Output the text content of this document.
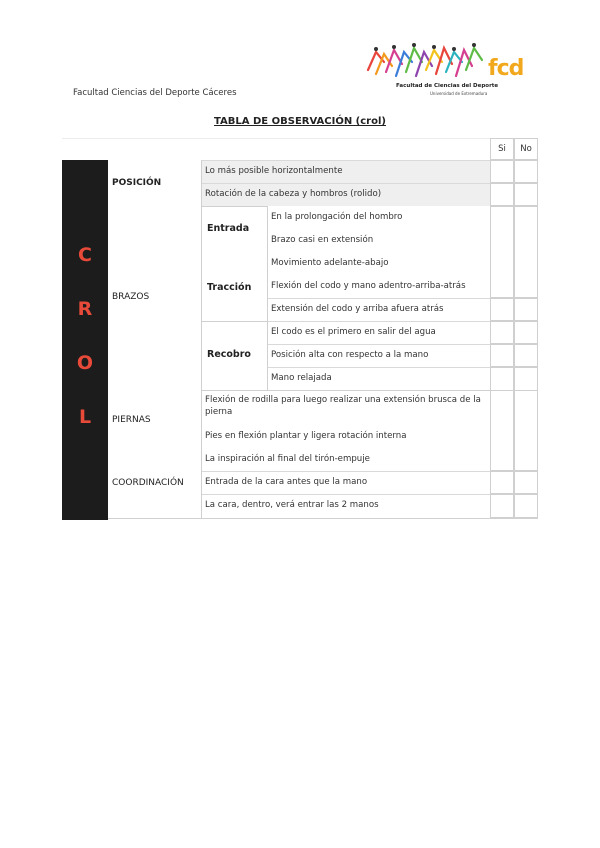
Facultad Ciencias del Deporte Cáceres
fcd
Facultad de Ciencias del Deporte
Universidad de Extremadura
TABLA DE OBSERVACIÓN (crol)
Si	No
C
R
O
L
POSICIÓN
BRAZOS
PIERNAS
COORDINACIÓN
Entrada
Tracción
Recobro
Lo más posible horizontalmente
Rotación de la cabeza y hombros (rolido)
En la prolongación del hombro
Brazo casi en extensión
Movimiento adelante-abajo
Flexión del codo y mano adentro-arriba-atrás
Extensión del codo y arriba afuera atrás
El codo es el primero en salir del agua
Posición alta con respecto a la mano
Mano relajada
Flexión de rodilla para luego realizar una extensión brusca de la pierna
Pies en flexión plantar y ligera rotación interna
La inspiración al final del tirón-empuje
Entrada de la cara antes que la mano
La cara, dentro, verá entrar las 2 manos
